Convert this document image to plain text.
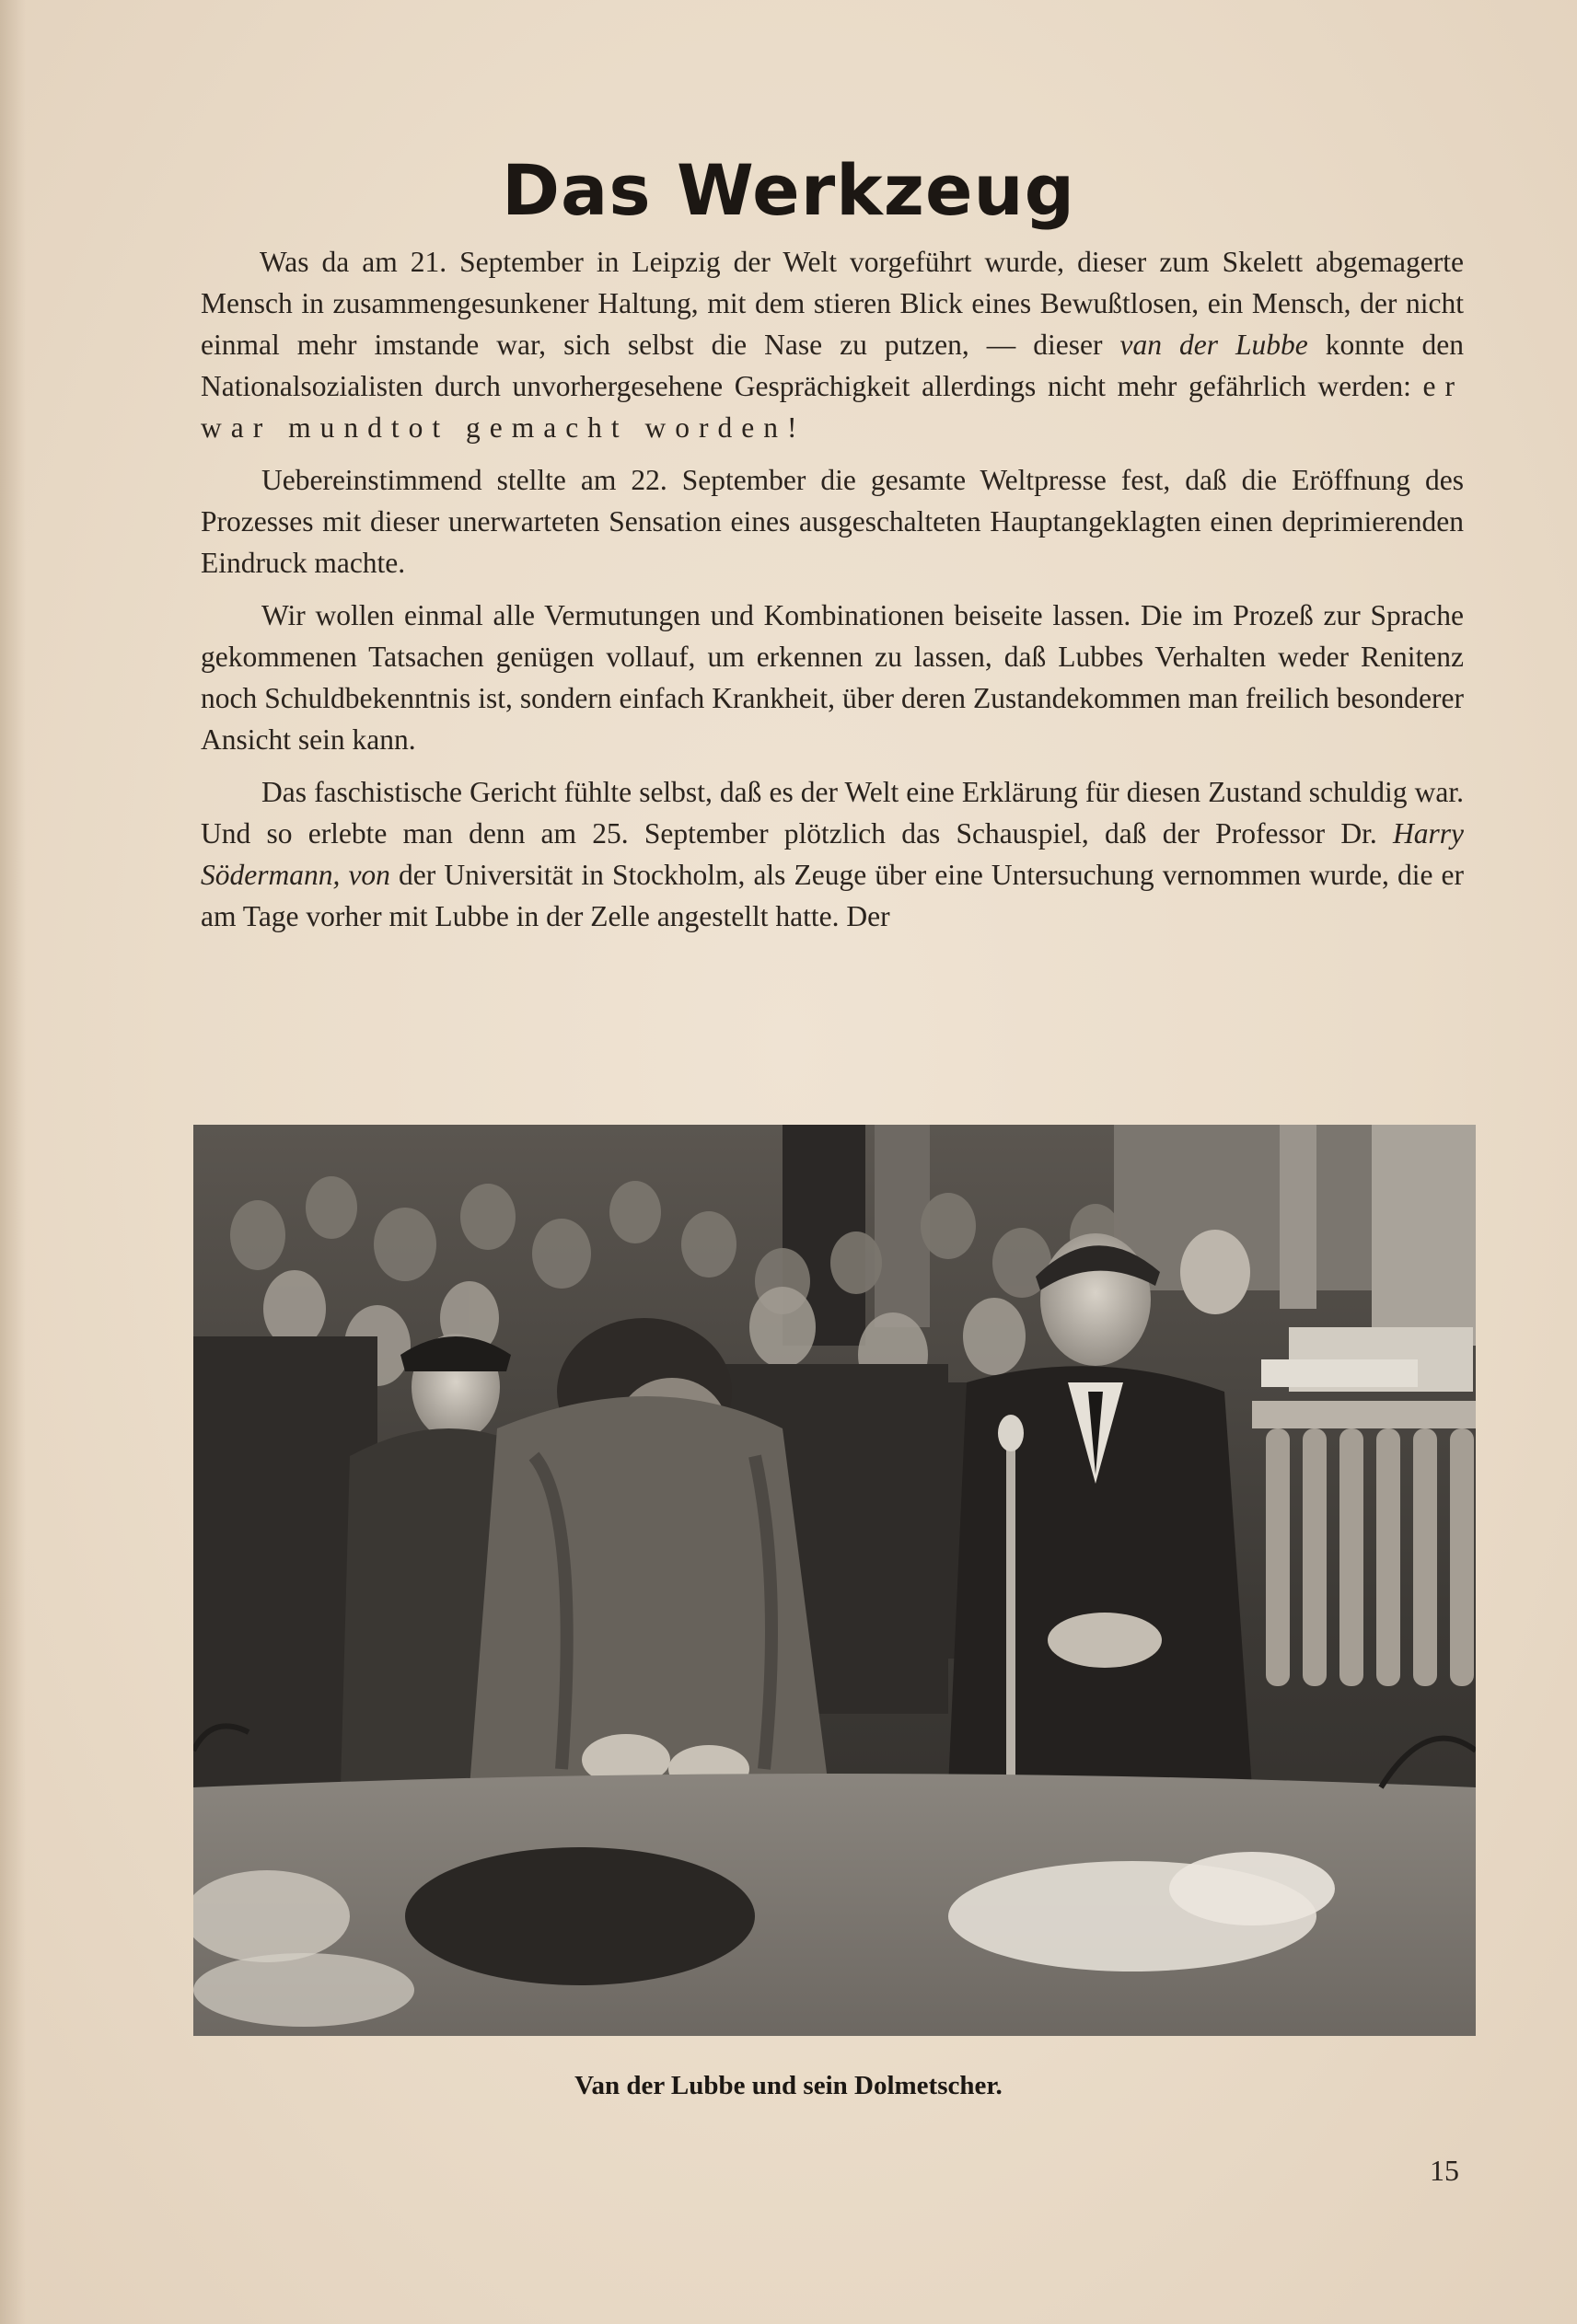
Das Werkzeug

Was da am 21. September in Leipzig der Welt vorgeführt wurde, dieser zum Skelett abgemagerte Mensch in zusammengesunkener Haltung, mit dem stieren Blick eines Bewußtlosen, ein Mensch, der nicht einmal mehr imstande war, sich selbst die Nase zu putzen, — dieser van der Lubbe konnte den Nationalsozialisten durch unvorhergesehene Gesprächigkeit allerdings nicht mehr gefährlich werden: er war mundtot gemacht worden!

Uebereinstimmend stellte am 22. September die gesamte Weltpresse fest, daß die Eröffnung des Prozesses mit dieser unerwarteten Sensation eines ausgeschalteten Hauptangeklagten einen deprimierenden Eindruck machte.

Wir wollen einmal alle Vermutungen und Kombinationen beiseite lassen. Die im Prozeß zur Sprache gekommenen Tatsachen genügen vollauf, um erkennen zu lassen, daß Lubbes Verhalten weder Renitenz noch Schuldbekenntnis ist, sondern einfach Krankheit, über deren Zustandekommen man freilich besonderer Ansicht sein kann.

Das faschistische Gericht fühlte selbst, daß es der Welt eine Erklärung für diesen Zustand schuldig war. Und so erlebte man denn am 25. September plötzlich das Schauspiel, daß der Professor Dr. Harry Södermann, von der Universität in Stockholm, als Zeuge über eine Untersuchung vernommen wurde, die er am Tage vorher mit Lubbe in der Zelle angestellt hatte. Der

Van der Lubbe und sein Dolmetscher.

15
